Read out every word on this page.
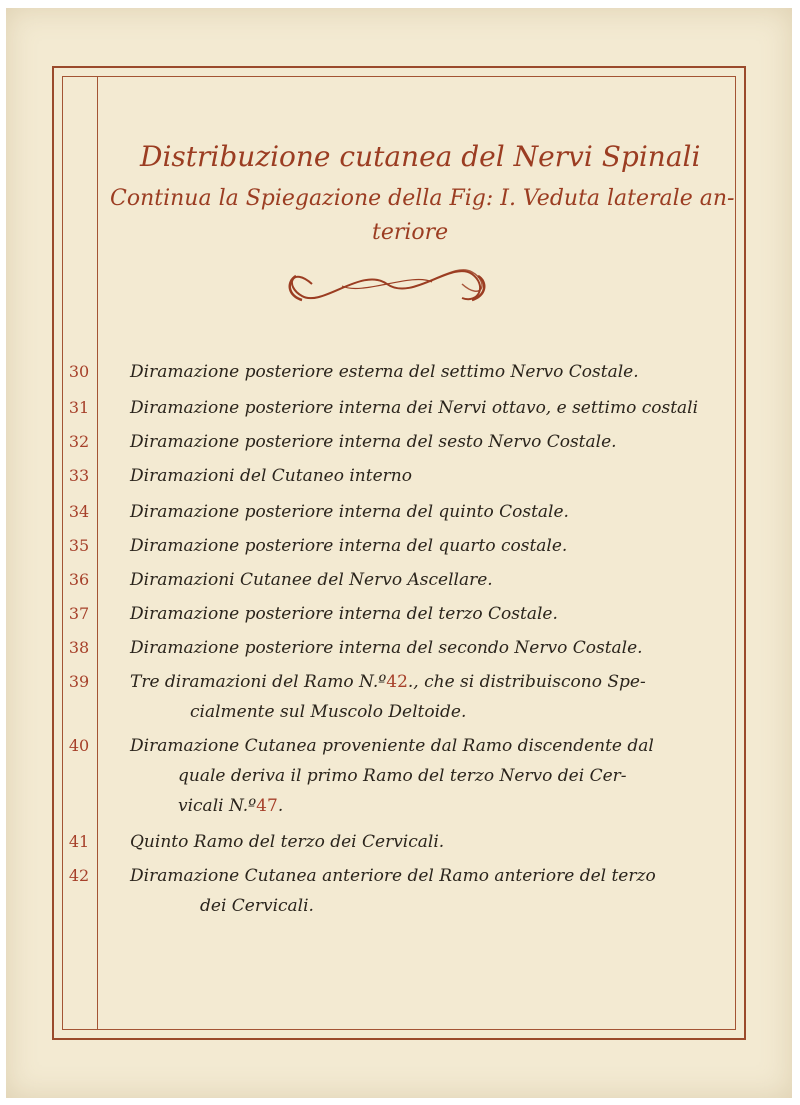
Distribuzione cutanea del Nervi Spinali
Continua la Spiegazione della Fig: I. Veduta laterale an-
teriore
30 Diramazione posteriore esterna del settimo Nervo Costale.
31 Diramazione posteriore interna dei Nervi ottavo, e settimo costali
32 Diramazione posteriore interna del sesto Nervo Costale.
33 Diramazioni del Cutaneo interno
34 Diramazione posteriore interna del quinto Costale.
35 Diramazione posteriore interna del quarto costale.
36 Diramazioni Cutanee del Nervo Ascellare.
37 Diramazione posteriore interna del terzo Costale.
38 Diramazione posteriore interna del secondo Nervo Costale.
39 Tre diramazioni del Ramo N.º42., che si distribuiscono Spe-
cialmente sul Muscolo Deltoide.
40 Diramazione Cutanea proveniente dal Ramo discendente dal
quale deriva il primo Ramo del terzo Nervo dei Cer-
vicali N.º47.
41 Quinto Ramo del terzo dei Cervicali.
42 Diramazione Cutanea anteriore del Ramo anteriore del terzo
dei Cervicali.
